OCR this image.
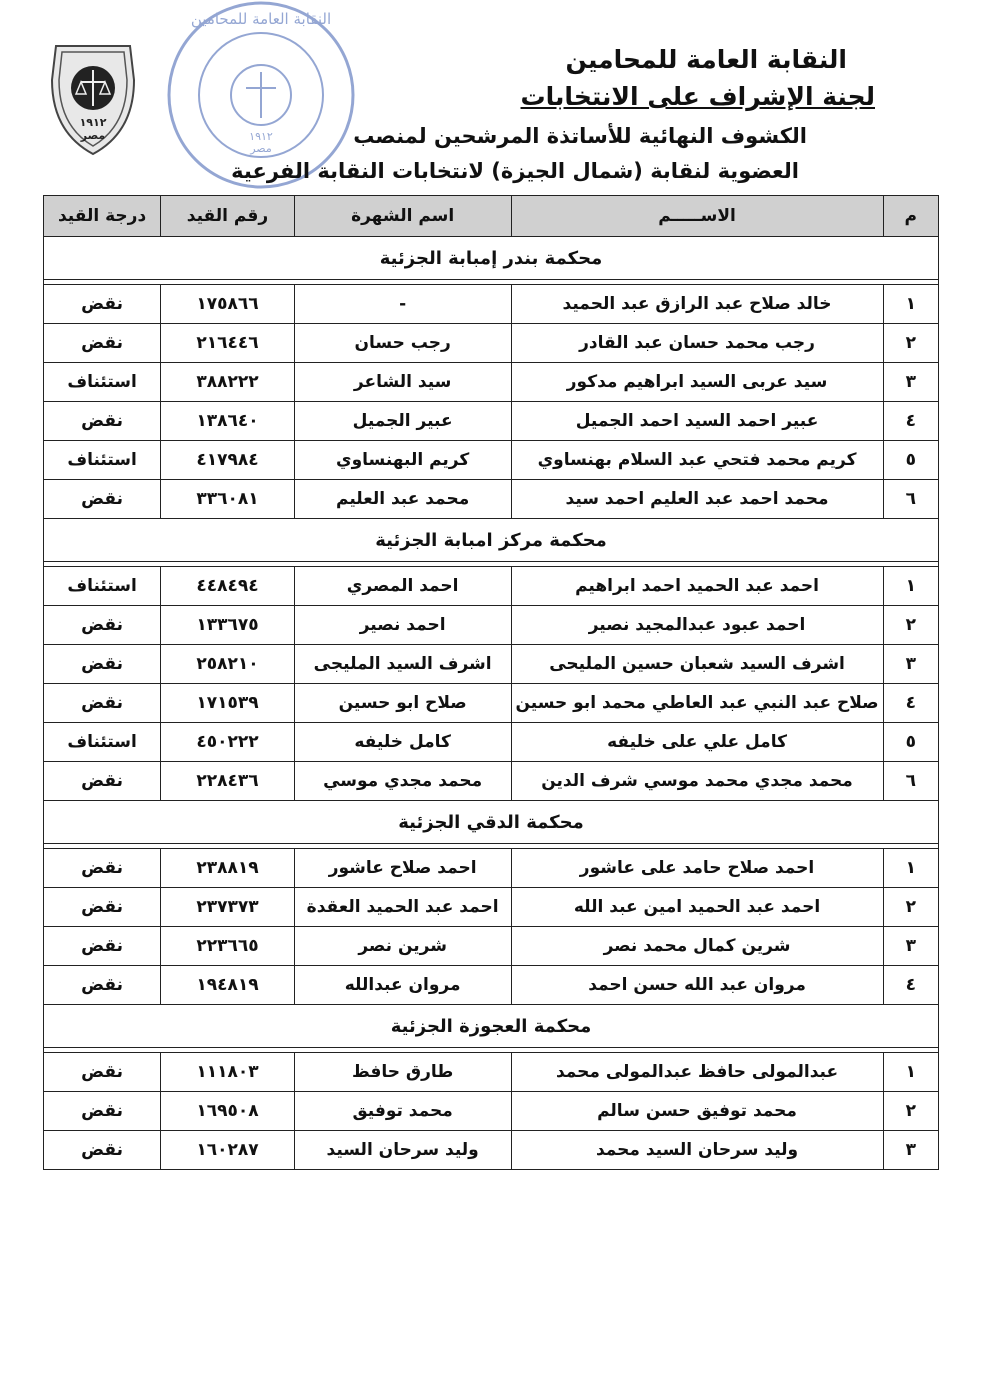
١٩١٢
مصر
النقابة العامة للمحامين
١٩١٢
مصر
النقابة العامة للمحامين
لجنة الإشراف على الانتخابات
الكشوف النهائية للأساتذة المرشحين لمنصب
العضوية لنقابة (شمال الجيزة) لانتخابات النقابة الفرعية
م	الاســـــم	اسم الشهرة	رقم القيد	درجة القيد
محكمة بندر إمبابة الجزئية				

١	خالد صلاح عبد الرازق عبد الحميد	-	١٧٥٨٦٦	نقض
٢	رجب محمد حسان عبد القادر	رجب حسان	٢١٦٤٤٦	نقض
٣	سيد عربى السيد ابراهيم مدكور	سيد الشاعر	٣٨٨٢٢٢	استئناف
٤	عبير احمد السيد احمد الجميل	عبير الجميل	١٣٨٦٤٠	نقض
٥	كريم محمد فتحي عبد السلام بهنساوي	كريم البهنساوي	٤١٧٩٨٤	استئناف
٦	محمد احمد عبد العليم احمد سيد	محمد عبد العليم	٣٣٦٠٨١	نقض
محكمة مركز امبابة الجزئية				

١	احمد عبد الحميد احمد ابراهيم	احمد المصري	٤٤٨٤٩٤	استئناف
٢	احمد عبود عبدالمجيد نصير	احمد نصير	١٣٣٦٧٥	نقض
٣	اشرف السيد شعبان حسين المليحى	اشرف السيد المليجى	٢٥٨٢١٠	نقض
٤	صلاح عبد النبي عبد العاطي محمد ابو حسين	صلاح ابو حسين	١٧١٥٣٩	نقض
٥	كامل علي على خليفه	كامل خليفه	٤٥٠٢٢٢	استئناف
٦	محمد مجدي محمد موسي شرف الدين	محمد مجدي موسي	٢٢٨٤٣٦	نقض
محكمة الدقي الجزئية				

١	احمد صلاح حامد على عاشور	احمد صلاح عاشور	٢٣٨٨١٩	نقض
٢	احمد عبد الحميد امين عبد الله	احمد عبد الحميد العقدة	٢٣٧٣٧٣	نقض
٣	شرين كمال محمد نصر	شرين نصر	٢٢٣٦٦٥	نقض
٤	مروان عبد الله حسن احمد	مروان عبدالله	١٩٤٨١٩	نقض
محكمة العجوزة الجزئية				

١	عبدالمولى حافظ عبدالمولى محمد	طارق حافظ	١١١٨٠٣	نقض
٢	محمد توفيق حسن سالم	محمد توفيق	١٦٩٥٠٨	نقض
٣	وليد سرحان السيد محمد	وليد سرحان السيد	١٦٠٢٨٧	نقض
